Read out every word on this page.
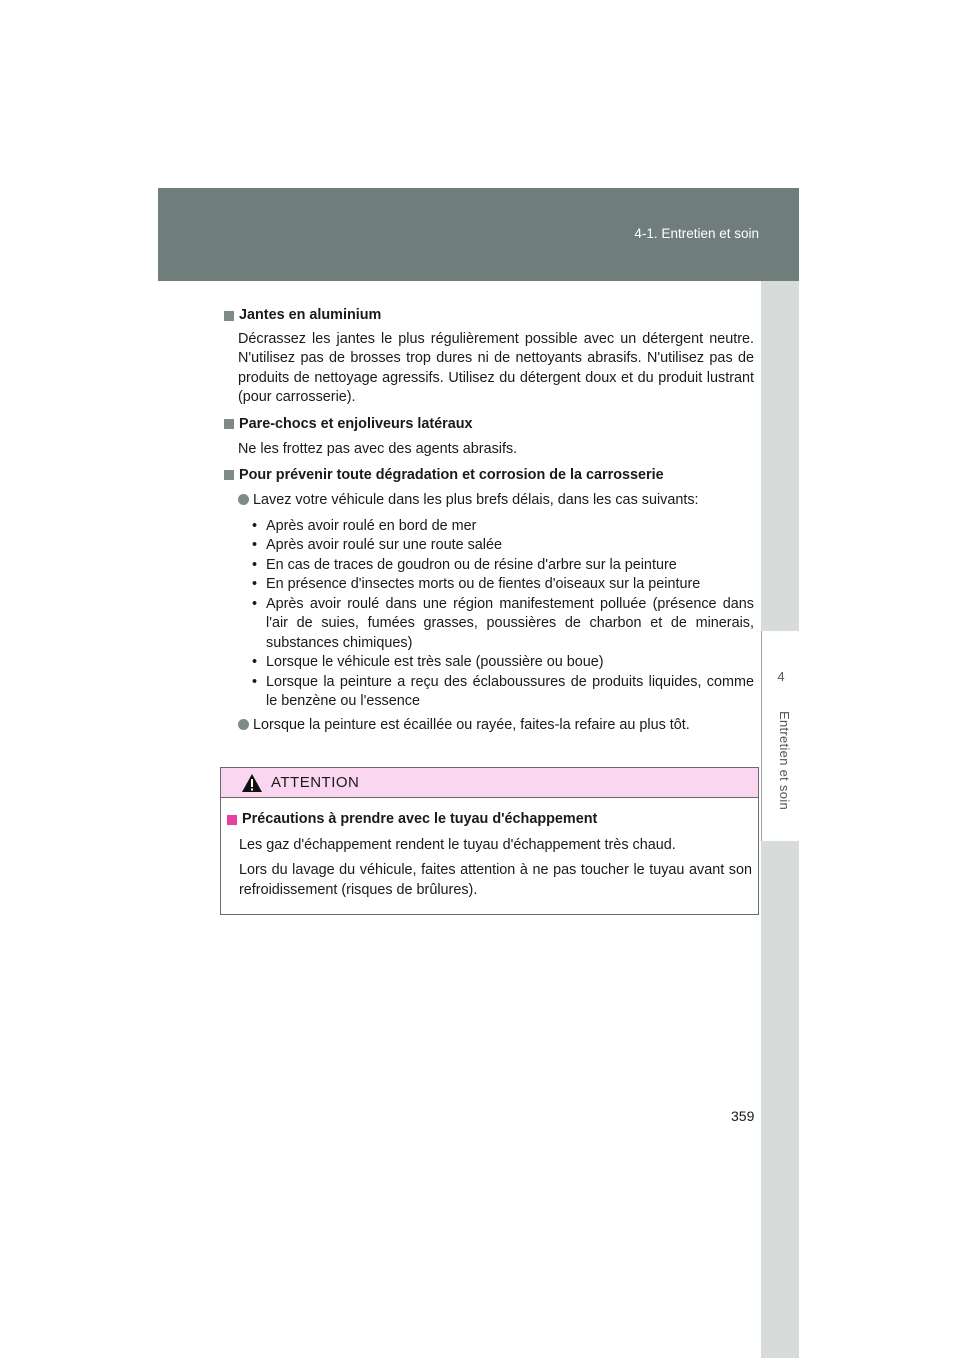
4-1. Entretien et soin
4
Entretien et soin
Jantes en aluminium
Décrassez les jantes le plus régulièrement possible avec un détergent neutre. N'utilisez pas de brosses trop dures ni de nettoyants abrasifs. N'utilisez pas de produits de nettoyage agressifs. Utilisez du détergent doux et du produit lustrant (pour carrosserie).
Pare-chocs et enjoliveurs latéraux
Ne les frottez pas avec des agents abrasifs.
Pour prévenir toute dégradation et corrosion de la carrosserie
Lavez votre véhicule dans les plus brefs délais, dans les cas suivants:
• Après avoir roulé en bord de mer
• Après avoir roulé sur une route salée
• En cas de traces de goudron ou de résine d'arbre sur la peinture
• En présence d'insectes morts ou de fientes d'oiseaux sur la peinture
• Après avoir roulé dans une région manifestement polluée (présence dans l'air de suies, fumées grasses, poussières de charbon et de minerais, substances chimiques)
• Lorsque le véhicule est très sale (poussière ou boue)
• Lorsque la peinture a reçu des éclaboussures de produits liquides, comme le benzène ou l'essence
Lorsque la peinture est écaillée ou rayée, faites-la refaire au plus tôt.
ATTENTION
Précautions à prendre avec le tuyau d'échappement
Les gaz d'échappement rendent le tuyau d'échappement très chaud.
Lors du lavage du véhicule, faites attention à ne pas toucher le tuyau avant son refroidissement (risques de brûlures).
359
